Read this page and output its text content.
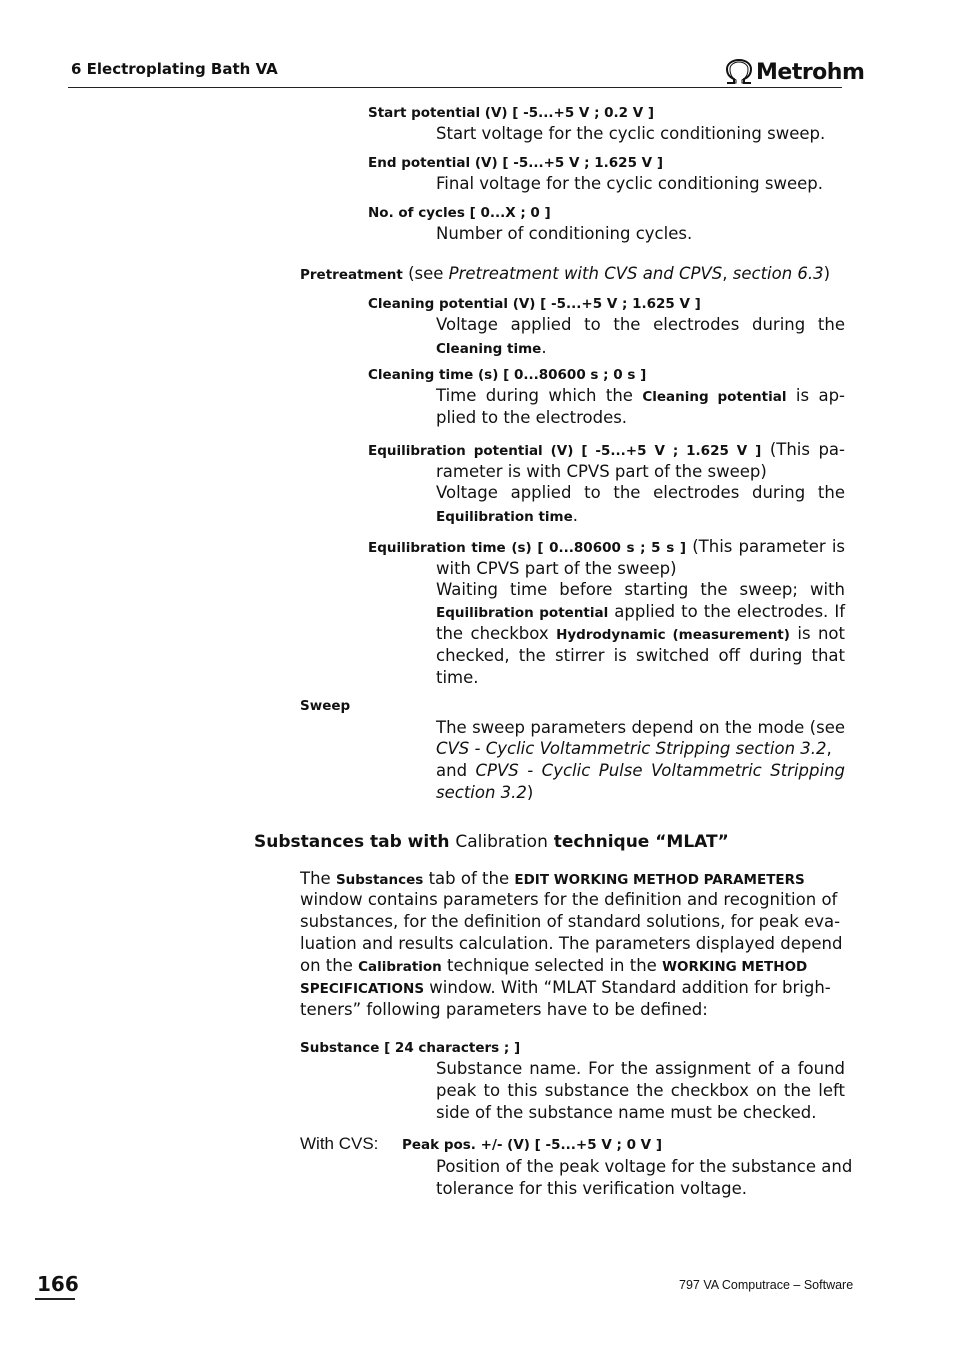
6 Electroplating Bath VA	Metrohm
Start potential (V) [ -5...+5 V ; 0.2 V ]
Start voltage for the cyclic conditioning sweep.
End potential (V) [ -5...+5 V ; 1.625 V ]
Final voltage for the cyclic conditioning sweep.
No. of cycles [ 0...X ; 0 ]
Number of conditioning cycles.
Pretreatment (see Pretreatment with CVS and CPVS, section 6.3)
Cleaning potential (V) [ -5...+5 V ; 1.625 V ]
Voltage applied to the electrodes during the
Cleaning time.
Cleaning time (s) [ 0...80600 s ; 0 s ]
Time during which the Cleaning potential is ap-
plied to the electrodes.
Equilibration potential (V) [ -5...+5 V ; 1.625 V ] (This pa-
rameter is with CPVS part of the sweep)
Voltage applied to the electrodes during the
Equilibration time.
Equilibration time (s) [ 0...80600 s ; 5 s ] (This parameter is
with CPVS part of the sweep)
Waiting time before starting the sweep; with
Equilibration potential applied to the electrodes. If
the checkbox Hydrodynamic (measurement) is not
checked, the stirrer is switched off during that
time.
Sweep
The sweep parameters depend on the mode (see
CVS - Cyclic Voltammetric Stripping section 3.2,
and CPVS - Cyclic Pulse Voltammetric Stripping
section 3.2)
Substances tab with Calibration technique “MLAT”
The Substances tab of the EDIT WORKING METHOD PARAMETERS
window contains parameters for the definition and recognition of
substances, for the definition of standard solutions, for peak eva-
luation and results calculation. The parameters displayed depend
on the Calibration technique selected in the WORKING METHOD
SPECIFICATIONS window. With “MLAT Standard addition for brigh-
teners” following parameters have to be defined:
Substance [ 24 characters ; ]
Substance name. For the assignment of a found
peak to this substance the checkbox on the left
side of the substance name must be checked.
With CVS: Peak pos. +/- (V) [ -5...+5 V ; 0 V ]
Position of the peak voltage for the substance and
tolerance for this verification voltage.
166	797 VA Computrace – Software
